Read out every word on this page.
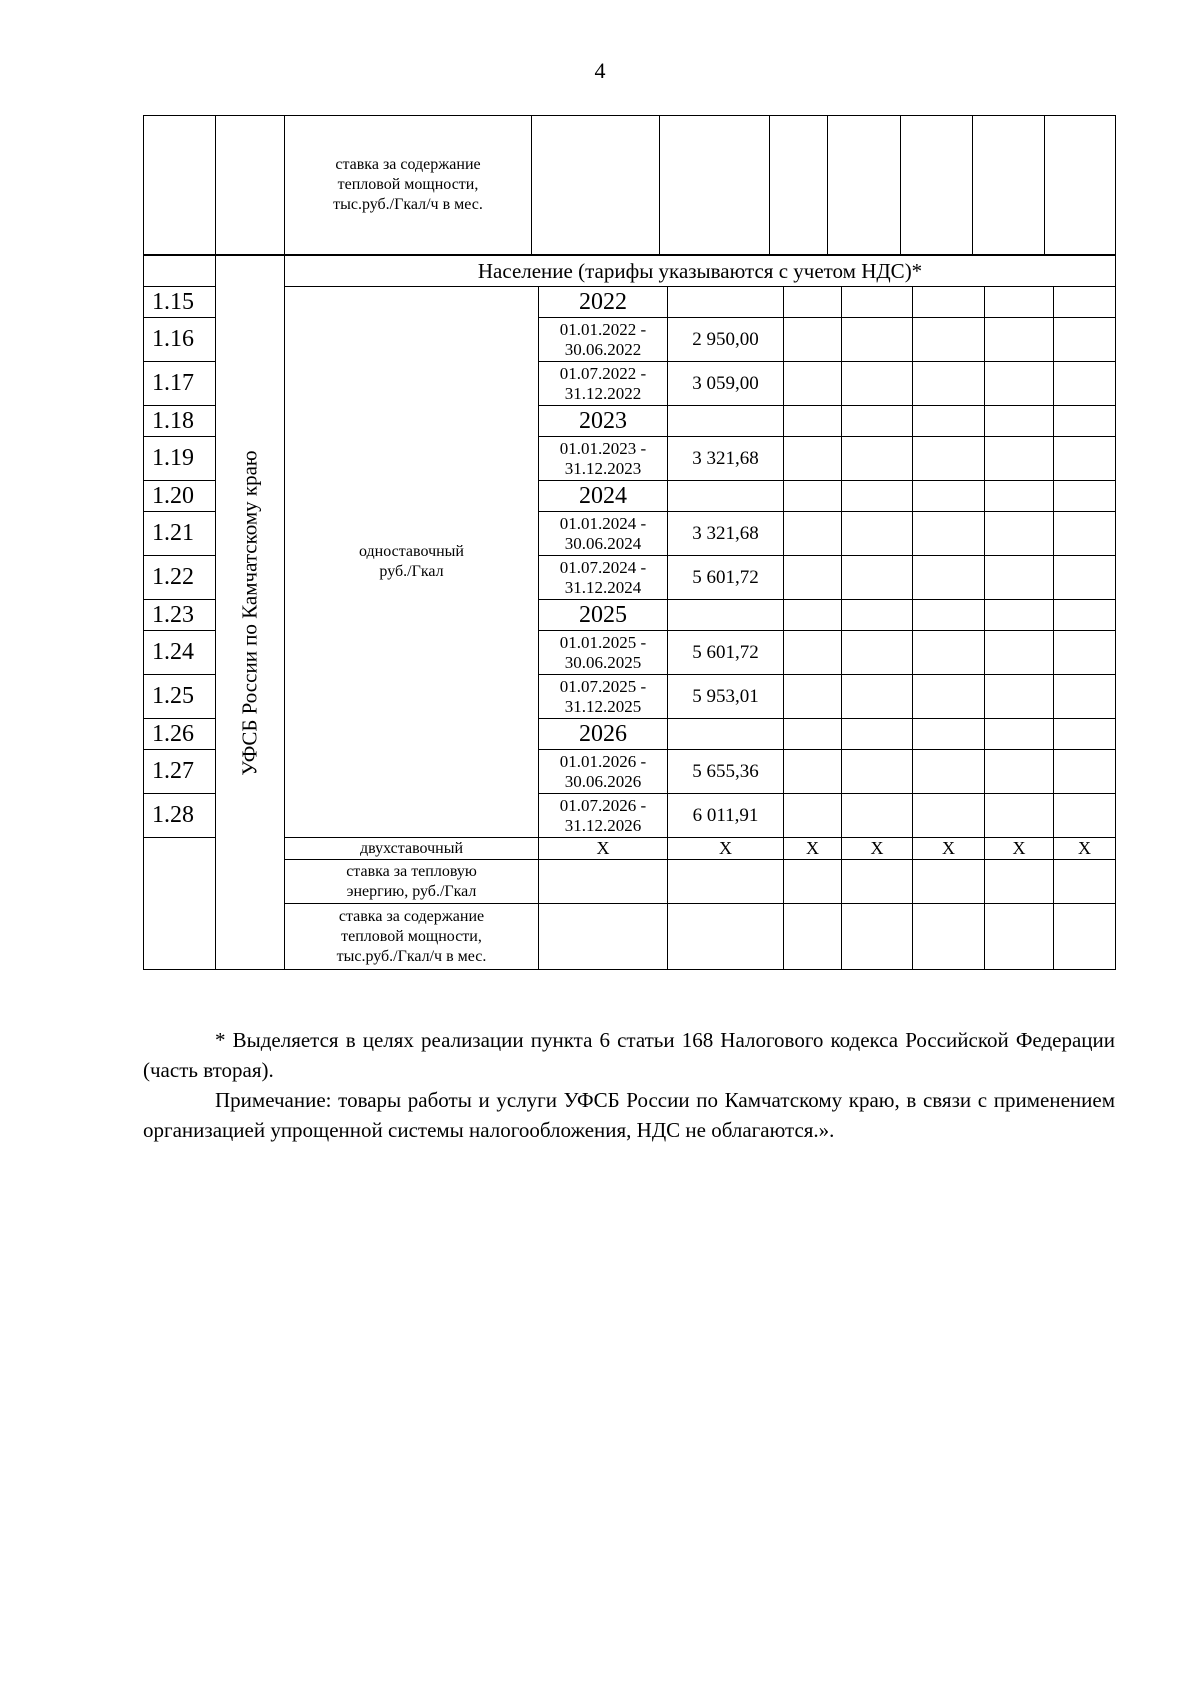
4
		ставка за содержание тепловой мощности, тыс.руб./Гкал/ч в мес.							

	УФСБ России по Камчатскому краю	Население (тарифы указываются с учетом НДС)*							
1.15		одноставочный руб./Гкал	2022						
1.16			01.01.2022 - 30.06.2022	2 950,00					
1.17			01.07.2022 - 31.12.2022	3 059,00					
1.18			2023						
1.19			01.01.2023 - 31.12.2023	3 321,68					
1.20			2024						
1.21			01.01.2024 - 30.06.2024	3 321,68					
1.22			01.07.2024 - 31.12.2024	5 601,72					
1.23			2025						
1.24			01.01.2025 - 30.06.2025	5 601,72					
1.25			01.07.2025 - 31.12.2025	5 953,01					
1.26			2026						
1.27			01.01.2026 - 30.06.2026	5 655,36					
1.28			01.07.2026 - 31.12.2026	6 011,91					
		двухставочный	X	X	X	X	X	X	X
		ставка за тепловую энергию, руб./Гкал							
		ставка за содержание тепловой мощности, тыс.руб./Гкал/ч в мес.							

* Выделяется в целях реализации пункта 6 статьи 168 Налогового кодекса Российской Федерации (часть вторая).

Примечание: товары работы и услуги УФСБ России по Камчатскому краю, в связи с применением организацией упрощенной системы налогообложения, НДС не облагаются.».
